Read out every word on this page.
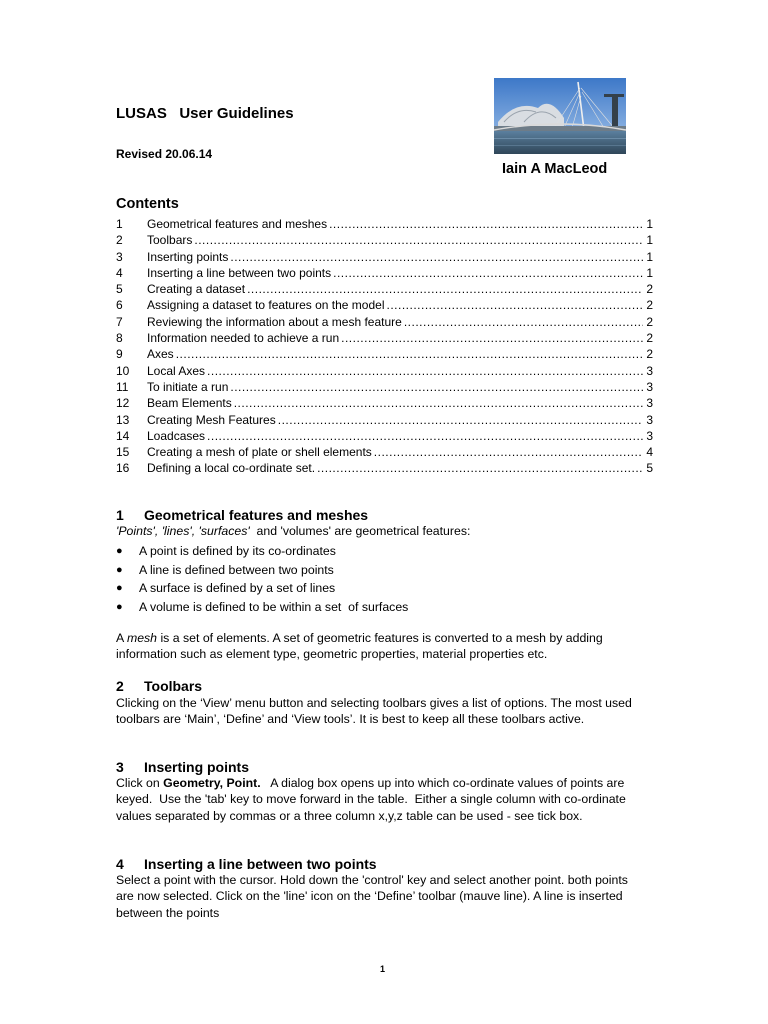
LUSAS   User Guidelines
Revised 20.06.14
Iain A MacLeod
Contents
1	Geometrical features and meshes .....	1
2	Toolbars .....	1
3	Inserting points .....	1
4	Inserting a line between two points .....	1
5	Creating a dataset .....	2
6	Assigning a dataset to features on the model .....	2
7	Reviewing the information about a mesh feature .....	2
8	Information needed to achieve a run .....	2
9	Axes .....	2
10	Local Axes .....	3
11	To initiate a run .....	3
12	Beam Elements .....	3
13	Creating Mesh Features .....	3
14	Loadcases .....	3
15	Creating a mesh of plate or shell elements .....	4
16	Defining a local co-ordinate set. .....	5
1 Geometrical features and meshes
'Points', 'lines', 'surfaces'  and 'volumes' are geometrical features:
●	A point is defined by its co-ordinates
●	A line is defined between two points
●	A surface is defined by a set of lines
●	A volume is defined to be within a set  of surfaces
A mesh is a set of elements. A set of geometric features is converted to a mesh by adding information such as element type, geometric properties, material properties etc.
2 Toolbars
Clicking on the ‘View’ menu button and selecting toolbars gives a list of options. The most used toolbars are ‘Main’, ‘Define’ and ‘View tools’. It is best to keep all these toolbars active.
3 Inserting points
Click on Geometry, Point.   A dialog box opens up into which co-ordinate values of points are keyed.  Use the 'tab' key to move forward in the table.  Either a single column with co-ordinate values separated by commas or a three column x,y,z table can be used - see tick box.
4 Inserting a line between two points
Select a point with the cursor. Hold down the 'control' key and select another point. both points are now selected. Click on the 'line' icon on the ‘Define’ toolbar (mauve line). A line is inserted between the points
1
